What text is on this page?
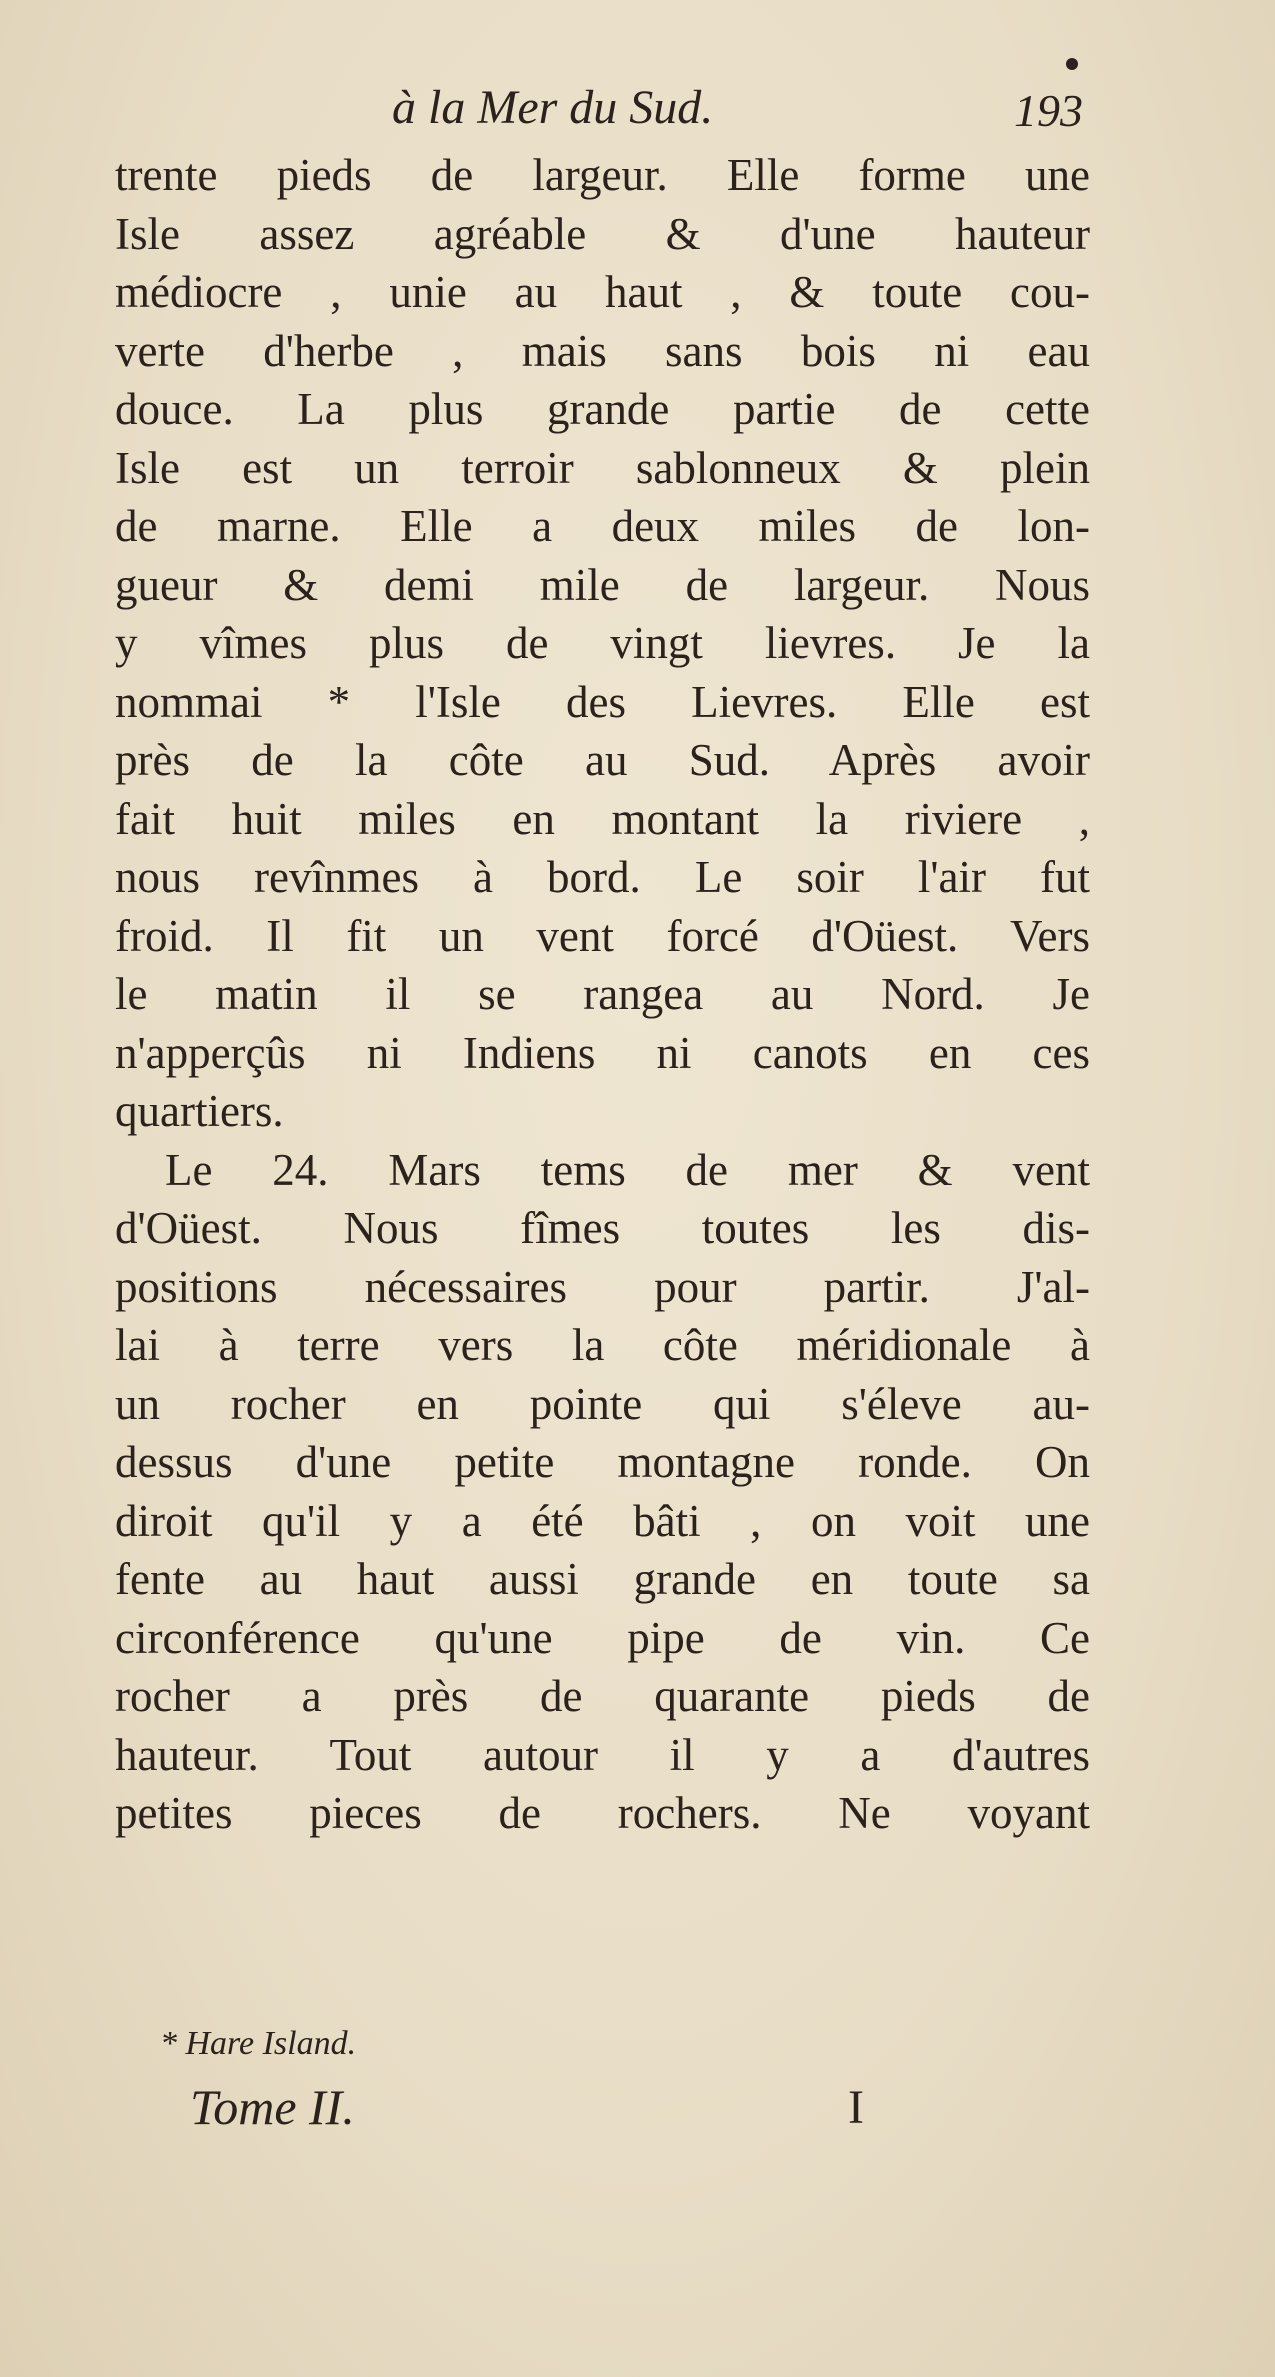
à la Mer du Sud.	193
trente pieds de largeur. Elle forme une
Isle assez agréable & d'une hauteur
médiocre , unie au haut , & toute cou-
verte d'herbe , mais sans bois ni eau
douce. La plus grande partie de cette
Isle est un terroir sablonneux & plein
de marne. Elle a deux miles de lon-
gueur & demi mile de largeur. Nous
y vîmes plus de vingt lievres. Je la
nommai * l'Isle des Lievres. Elle est
près de la côte au Sud. Après avoir
fait huit miles en montant la riviere ,
nous revînmes à bord. Le soir l'air fut
froid. Il fit un vent forcé d'Oüest. Vers
le matin il se rangea au Nord. Je
n'apperçûs ni Indiens ni canots en ces
quartiers.
Le 24. Mars tems de mer & vent
d'Oüest. Nous fîmes toutes les dis-
positions nécessaires pour partir. J'al-
lai à terre vers la côte méridionale à
un rocher en pointe qui s'éleve au-
dessus d'une petite montagne ronde. On
diroit qu'il y a été bâti , on voit une
fente au haut aussi grande en toute sa
circonférence qu'une pipe de vin. Ce
rocher a près de quarante pieds de
hauteur. Tout autour il y a d'autres
petites pieces de rochers. Ne voyant
* Hare Island.
Tome II.	I
